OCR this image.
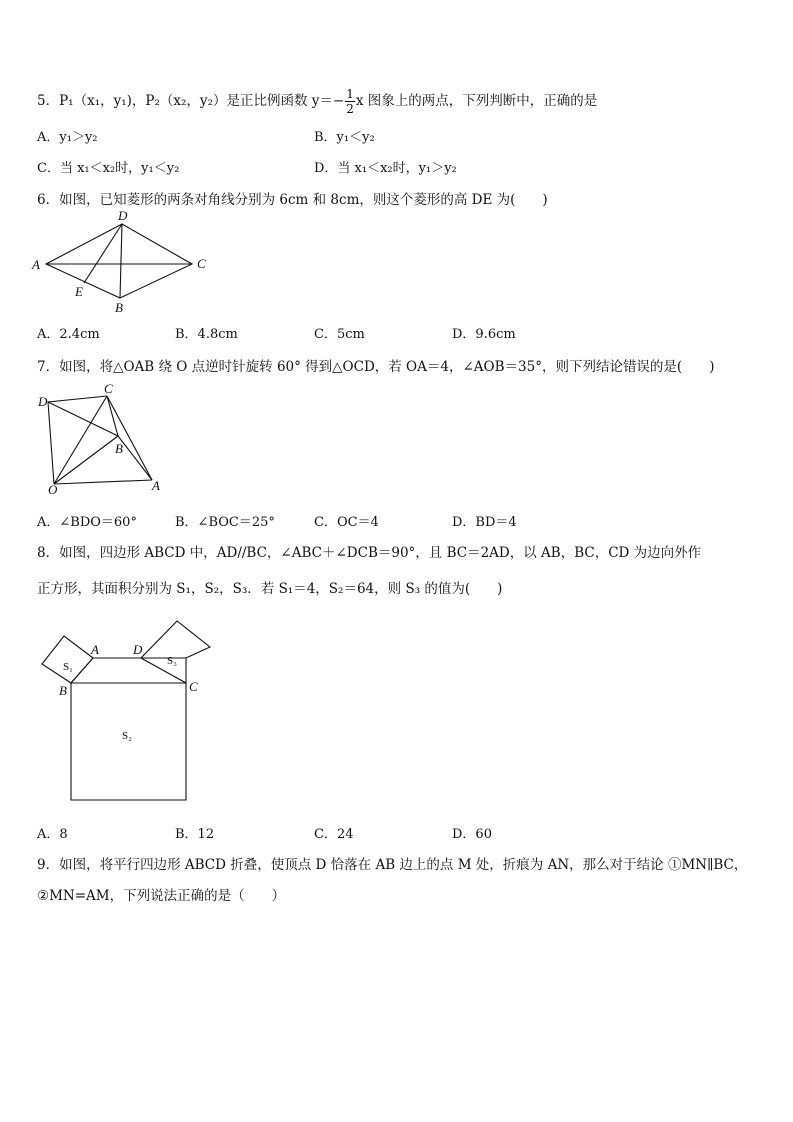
5．P₁（x₁，y₁)，P₂（x₂，y₂）是正比例函数 $y=- \frac{1}{2}$ x 图象上的两点，下列判断中，正确的是
A．y₁＞y₂	B．y₁＜y₂
C．当 x₁＜x₂时，y₁＜y₂	D．当 x₁＜x₂时，y₁＞y₂
6．如图，已知菱形的两条对角线分别为 6cm 和 8cm，则这个菱形的高 DE 为(　　)
A
D
C
B
E
A．2.4cm	B．4.8cm	C．5cm	D．9.6cm
7．如图，将△OAB 绕 O 点逆时针旋转 60° 得到△OCD，若 OA＝4，∠AOB＝35°，则下列结论错误的是(　　)
D
C
B
O	A
A．∠BDO＝60°	B．∠BOC＝25°	C．OC＝4	D．BD＝4
8．如图，四边形 ABCD 中，AD//BC，∠ABC＋∠DCB＝90°，且 BC＝2AD，以 AB，BC，CD 为边向外作
正方形，其面积分别为 S₁，S₂，S₃．若 S₁＝4，S₂＝64，则 S₃ 的值为(　　)
S₁	S₃
S₂
A	D
B	C
A．8	B．12	C．24	D．60
9．如图，将平行四边形 ABCD 折叠，使顶点 D 恰落在 AB 边上的点 M 处，折痕为 AN，那么对于结论 ①MN∥BC，
②MN=AM，下列说法正确的是（　　）
